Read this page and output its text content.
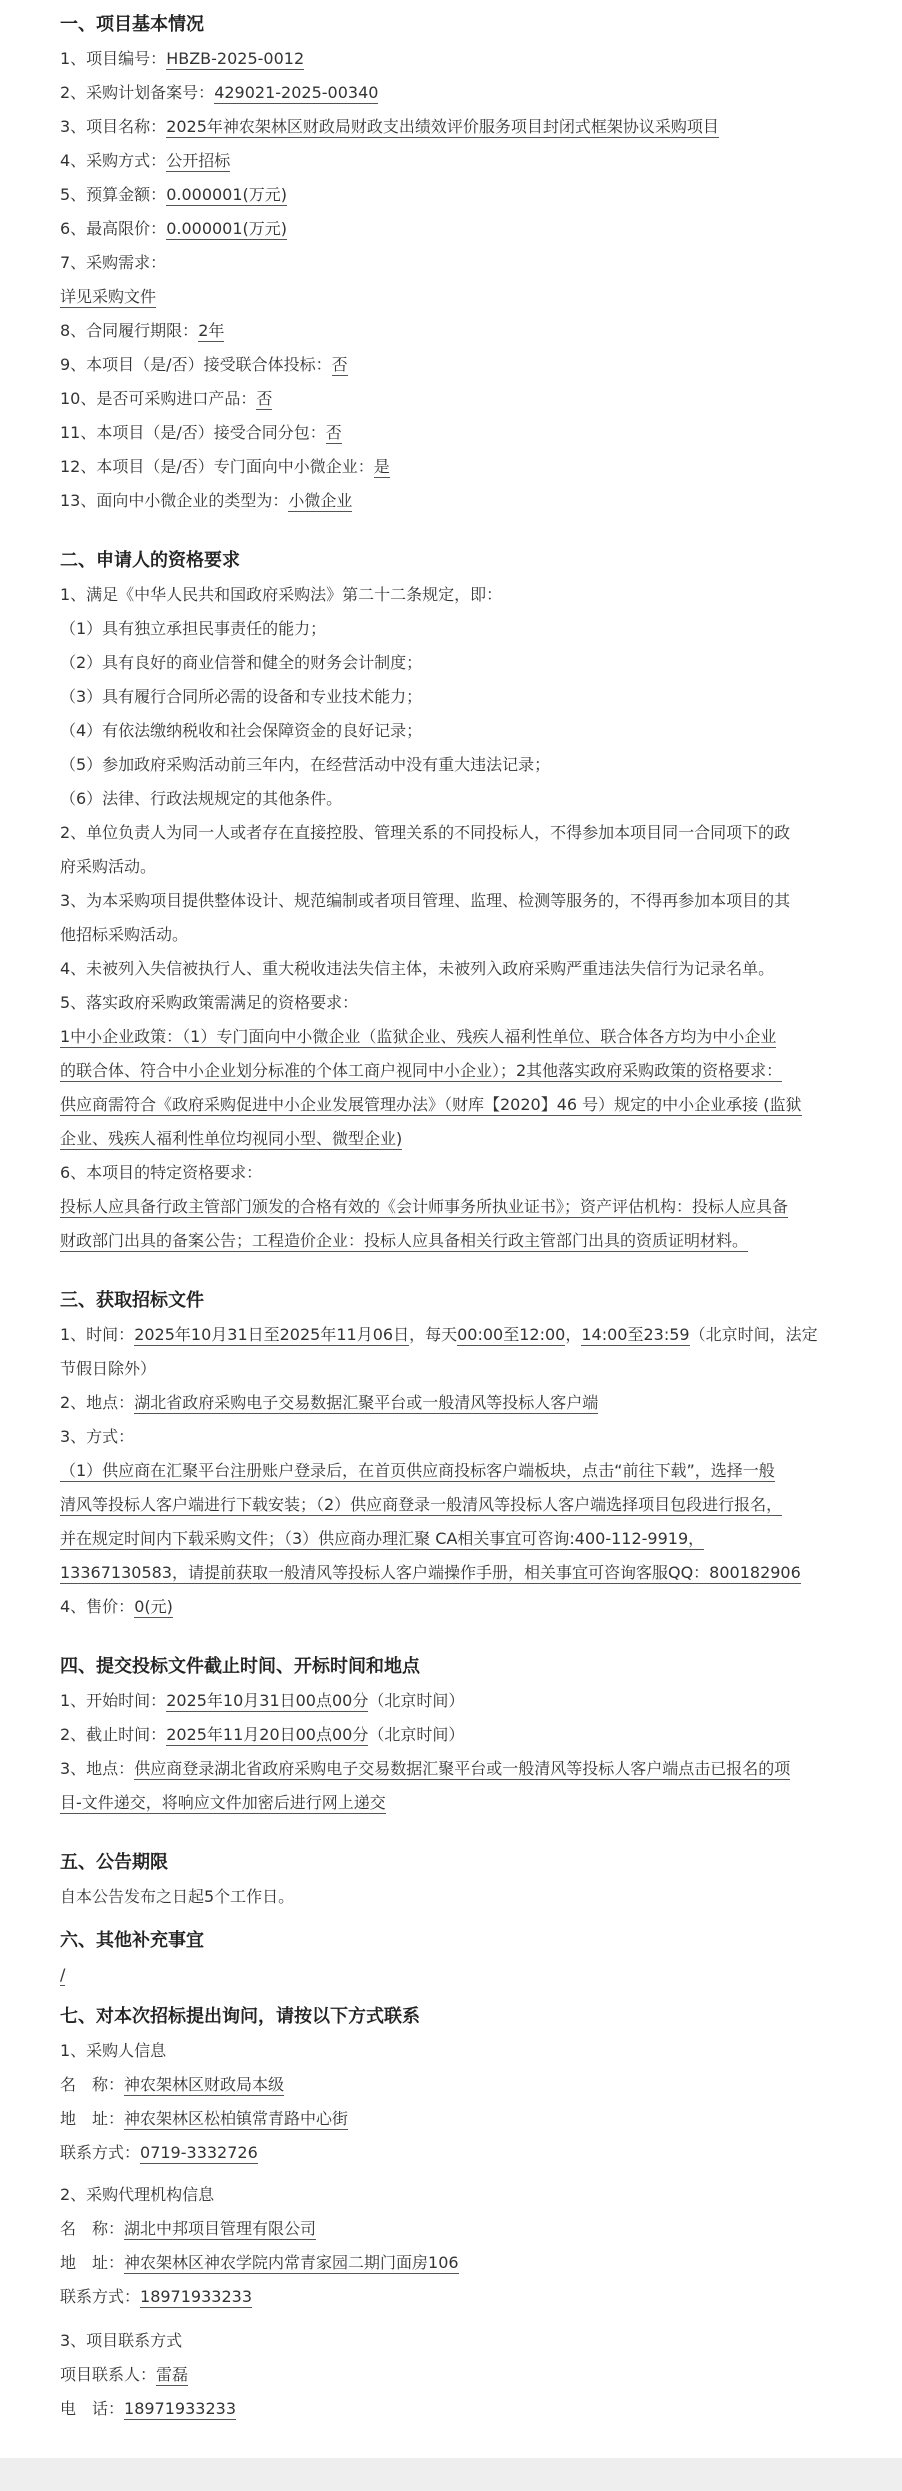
一、项目基本情况
1、项目编号：HBZB-2025-0012
2、采购计划备案号：429021-2025-00340
3、项目名称：2025年神农架林区财政局财政支出绩效评价服务项目封闭式框架协议采购项目
4、采购方式：公开招标
5、预算金额：0.000001(万元)
6、最高限价：0.000001(万元)
7、采购需求：
详见采购文件
8、合同履行期限：2年
9、本项目（是/否）接受联合体投标：否
10、是否可采购进口产品：否
11、本项目（是/否）接受合同分包：否
12、本项目（是/否）专门面向中小微企业：是
13、面向中小微企业的类型为：小微企业
二、申请人的资格要求
1、满足《中华人民共和国政府采购法》第二十二条规定，即：
（1）具有独立承担民事责任的能力；
（2）具有良好的商业信誉和健全的财务会计制度；
（3）具有履行合同所必需的设备和专业技术能力；
（4）有依法缴纳税收和社会保障资金的良好记录；
（5）参加政府采购活动前三年内，在经营活动中没有重大违法记录；
（6）法律、行政法规规定的其他条件。
2、单位负责人为同一人或者存在直接控股、管理关系的不同投标人，不得参加本项目同一合同项下的政
府采购活动。
3、为本采购项目提供整体设计、规范编制或者项目管理、监理、检测等服务的，不得再参加本项目的其
他招标采购活动。
4、未被列入失信被执行人、重大税收违法失信主体，未被列入政府采购严重违法失信行为记录名单。
5、落实政府采购政策需满足的资格要求：
1中小企业政策：（1）专门面向中小微企业（监狱企业、残疾人福利性单位、联合体各方均为中小企业
的联合体、符合中小企业划分标准的个体工商户视同中小企业）；2其他落实政府采购政策的资格要求：
供应商需符合《政府采购促进中小企业发展管理办法》（财库【2020】46 号）规定的中小企业承接 (监狱
企业、残疾人福利性单位均视同小型、微型企业)
6、本项目的特定资格要求：
投标人应具备行政主管部门颁发的合格有效的《会计师事务所执业证书》；资产评估机构：投标人应具备
财政部门出具的备案公告；工程造价企业：投标人应具备相关行政主管部门出具的资质证明材料。
三、获取招标文件
1、时间：2025年10月31日至2025年11月06日，每天00:00至12:00，14:00至23:59（北京时间，法定
节假日除外）
2、地点：湖北省政府采购电子交易数据汇聚平台或一般清风等投标人客户端
3、方式：
（1）供应商在汇聚平台注册账户登录后，在首页供应商投标客户端板块，点击“前往下载”，选择一般
清风等投标人客户端进行下载安装；（2）供应商登录一般清风等投标人客户端选择项目包段进行报名，
并在规定时间内下载采购文件；（3）供应商办理汇聚 CA相关事宜可咨询:400-112-9919，
13367130583，请提前获取一般清风等投标人客户端操作手册，相关事宜可咨询客服QQ：800182906
4、售价：0(元)
四、提交投标文件截止时间、开标时间和地点
1、开始时间：2025年10月31日00点00分（北京时间）
2、截止时间：2025年11月20日00点00分（北京时间）
3、地点：供应商登录湖北省政府采购电子交易数据汇聚平台或一般清风等投标人客户端点击已报名的项
目-文件递交，将响应文件加密后进行网上递交
五、公告期限
自本公告发布之日起5个工作日。
六、其他补充事宜
/
七、对本次招标提出询问，请按以下方式联系
1、采购人信息
名　称：神农架林区财政局本级
地　址：神农架林区松柏镇常青路中心街
联系方式：0719-3332726
2、采购代理机构信息
名　称：湖北中邦项目管理有限公司
地　址：神农架林区神农学院内常青家园二期门面房106
联系方式：18971933233
3、项目联系方式
项目联系人：雷磊
电　话：18971933233
